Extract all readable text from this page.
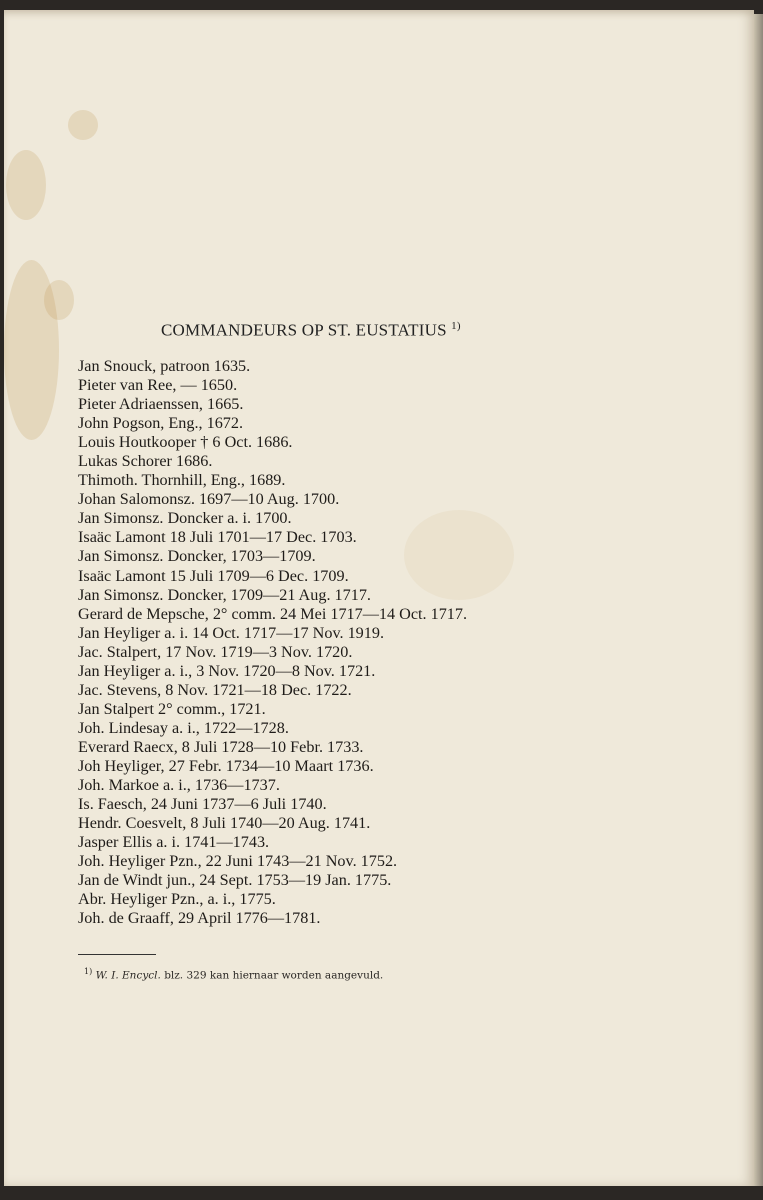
COMMANDEURS OP ST. EUSTATIUS $^{1)}$
Jan Snouck, patroon 1635.
Pieter van Ree, — 1650.
Pieter Adriaenssen, 1665.
John Pogson, Eng., 1672.
Louis Houtkooper † 6 Oct. 1686.
Lukas Schorer 1686.
Thimoth. Thornhill, Eng., 1689.
Johan Salomonsz. 1697—10 Aug. 1700.
Jan Simonsz. Doncker a. i. 1700.
Isaäc Lamont 18 Juli 1701—17 Dec. 1703.
Jan Simonsz. Doncker, 1703—1709.
Isaäc Lamont 15 Juli 1709—6 Dec. 1709.
Jan Simonsz. Doncker, 1709—21 Aug. 1717.
Gerard de Mepsche, 2° comm. 24 Mei 1717—14 Oct. 1717.
Jan Heyliger a. i. 14 Oct. 1717—17 Nov. 1919.
Jac. Stalpert, 17 Nov. 1719—3 Nov. 1720.
Jan Heyliger a. i., 3 Nov. 1720—8 Nov. 1721.
Jac. Stevens, 8 Nov. 1721—18 Dec. 1722.
Jan Stalpert 2° comm., 1721.
Joh. Lindesay a. i., 1722—1728.
Everard Raecx, 8 Juli 1728—10 Febr. 1733.
Joh Heyliger, 27 Febr. 1734—10 Maart 1736.
Joh. Markoe a. i., 1736—1737.
Is. Faesch, 24 Juni 1737—6 Juli 1740.
Hendr. Coesvelt, 8 Juli 1740—20 Aug. 1741.
Jasper Ellis a. i. 1741—1743.
Joh. Heyliger Pzn., 22 Juni 1743—21 Nov. 1752.
Jan de Windt jun., 24 Sept. 1753—19 Jan. 1775.
Abr. Heyliger Pzn., a. i., 1775.
Joh. de Graaff, 29 April 1776—1781.
$^{1)}$ W. I. Encycl. blz. 329 kan hiernaar worden aangevuld.
